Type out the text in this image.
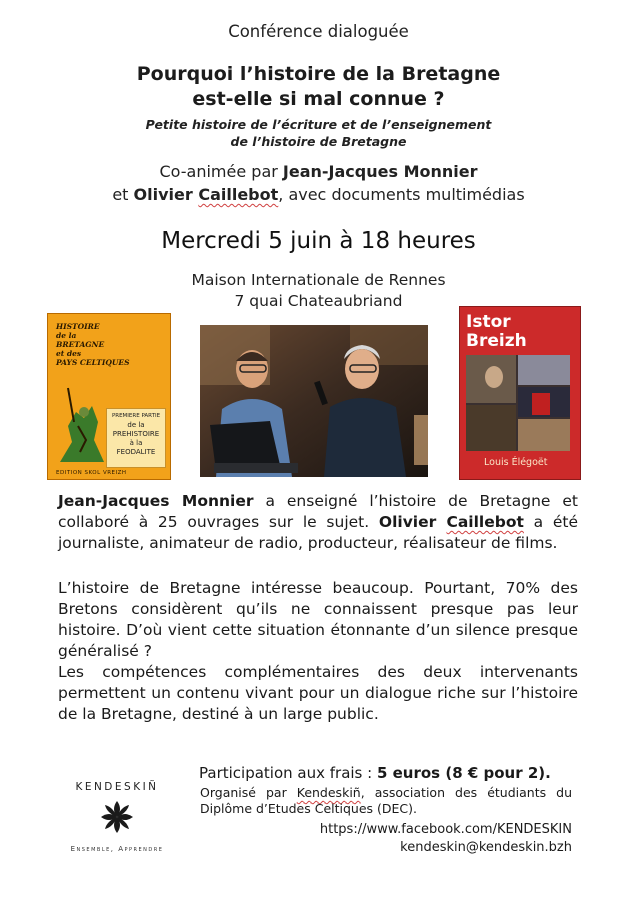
Conférence dialoguée
Pourquoi l’histoire de la Bretagne
est-elle si mal connue ?
Petite histoire de l’écriture et de l’enseignement
de l’histoire de Bretagne
Co-animée par Jean-Jacques Monnier
et Olivier Caillebot, avec documents multimédias
Mercredi 5 juin à 18 heures
Maison Internationale de Rennes
7 quai Chateaubriand
HISTOIRE
de la
BRETAGNE
et des
PAYS CELTIQUES
PREMIERE PARTIE
de la
PREHISTOIRE
à la
FEODALITE
EDITION SKOL VREIZH
Istor
Breizh
Louis Élégoët
Jean-Jacques Monnier a enseigné l’histoire de Bretagne et collaboré à 25 ouvrages sur le sujet. Olivier Caillebot a été journaliste, animateur de radio, producteur, réalisateur de films.
L’histoire de Bretagne intéresse beaucoup. Pourtant, 70% des Bretons considèrent qu’ils ne connaissent presque pas leur histoire. D’où vient cette situation étonnante d’un silence presque généralisé ?
Les compétences complémentaires des deux intervenants permettent un contenu vivant pour un dialogue riche sur l’histoire de la Bretagne, destiné à un large public.
KENDESKIÑ
Ensemble, Apprendre
Participation aux frais : 5 euros (8 € pour 2).
Organisé par Kendeskiñ, association des étudiants du Diplôme d’Etudes Celtiques (DEC).
https://www.facebook.com/KENDESKIN
kendeskin@kendeskin.bzh
